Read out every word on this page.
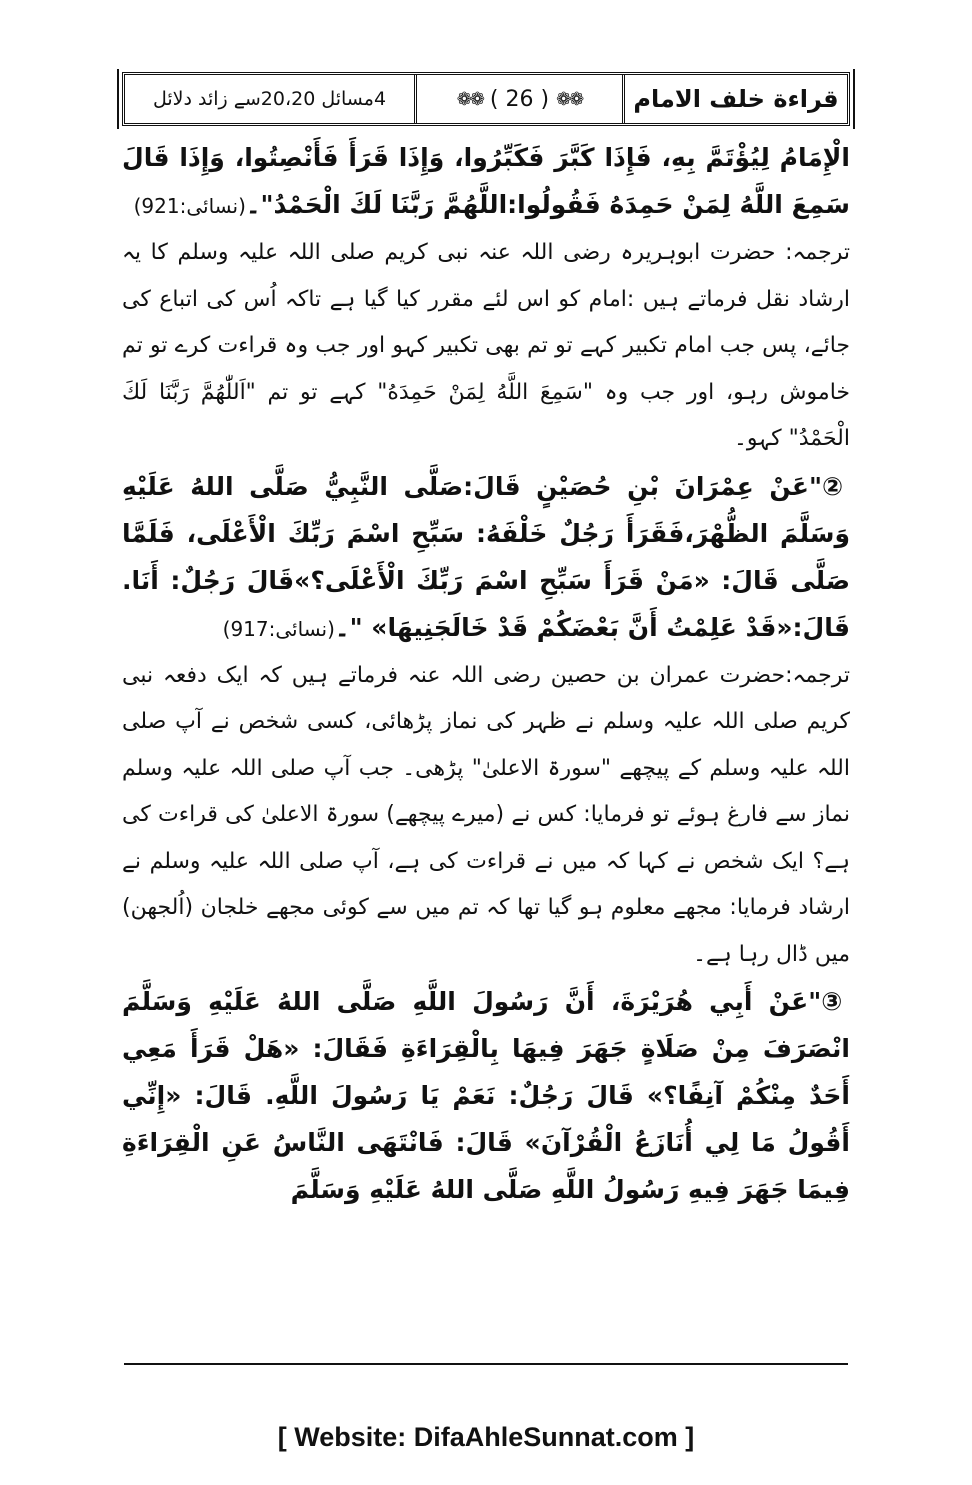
قراءة خلف الامام
❁❁ ( 26 ) ❁❁
4مسائل 20،20سے زائد دلائل

الْإِمَامُ لِيُؤْتَمَّ بِهِ، فَإِذَا كَبَّرَ فَكَبِّرُوا، وَإِذَا قَرَأَ فَأَنْصِتُوا، وَإِذَا قَالَ سَمِعَ اللَّهُ لِمَنْ حَمِدَهُ فَقُولُوا:اللَّهُمَّ رَبَّنَا لَكَ الْحَمْدُ"۔(نسائی:921)

ترجمہ: حضرت ابوہریرہ رضی اللہ عنہ نبی کریم صلی اللہ علیہ وسلم کا یہ ارشاد نقل فرماتے ہیں :امام کو اس لئے مقرر کیا گیا ہے تاکہ اُس کی اتباع کی جائے، پس جب امام تکبیر کہے تو تم بھی تکبیر کہو اور جب وہ قراءت کرے تو تم خاموش رہو، اور جب وہ "سَمِعَ اللَّهُ لِمَنْ حَمِدَهُ" کہے تو تم "اَللّٰھُمَّ رَبَّنَا لَكَ الْحَمْدُ" کہو۔

②"عَنْ عِمْرَانَ بْنِ حُصَيْنٍ قَالَ:صَلَّى النَّبِيُّ صَلَّى اللهُ عَلَيْهِ وَسَلَّمَ الظُّهْرَ،فَقَرَأَ رَجُلٌ خَلْفَهُ: سَبِّحِ اسْمَ رَبِّكَ الْأَعْلَى، فَلَمَّا صَلَّى قَالَ: «مَنْ قَرَأَ سَبِّحِ اسْمَ رَبِّكَ الْأَعْلَى؟»قَالَ رَجُلٌ: أَنَا. قَالَ:«قَدْ عَلِمْتُ أَنَّ بَعْضَكُمْ قَدْ خَالَجَنِيهَا» "۔(نسائی:917)

ترجمہ:حضرت عمران بن حصین رضی اللہ عنہ فرماتے ہیں کہ ایک دفعہ نبی کریم صلی اللہ علیہ وسلم نے ظہر کی نماز پڑھائی، کسی شخص نے آپ صلی اللہ علیہ وسلم کے پیچھے "سورۃ الاعلیٰ" پڑھی۔ جب آپ صلی اللہ علیہ وسلم نماز سے فارغ ہوئے تو فرمایا: کس نے (میرے پیچھے) سورۃ الاعلیٰ کی قراءت کی ہے؟ ایک شخص نے کہا کہ میں نے قراءت کی ہے، آپ صلی اللہ علیہ وسلم نے ارشاد فرمایا: مجھے معلوم ہو گیا تھا کہ تم میں سے کوئی مجھے خلجان (اُلجھن) میں ڈال رہا ہے۔

③"عَنْ أَبِي هُرَيْرَةَ، أَنَّ رَسُولَ اللَّهِ صَلَّى اللهُ عَلَيْهِ وَسَلَّمَ انْصَرَفَ مِنْ صَلَاةٍ جَهَرَ فِيهَا بِالْقِرَاءَةِ فَقَالَ: «هَلْ قَرَأَ مَعِي أَحَدٌ مِنْكُمْ آنِفًا؟» قَالَ رَجُلٌ: نَعَمْ يَا رَسُولَ اللَّهِ. قَالَ: «إِنِّي أَقُولُ مَا لِي أُنَازَعُ الْقُرْآنَ» قَالَ: فَانْتَهَى النَّاسُ عَنِ الْقِرَاءَةِ فِيمَا جَهَرَ فِيهِ رَسُولُ اللَّهِ صَلَّى اللهُ عَلَيْهِ وَسَلَّمَ

[ Website: DifaAhleSunnat.com ]
